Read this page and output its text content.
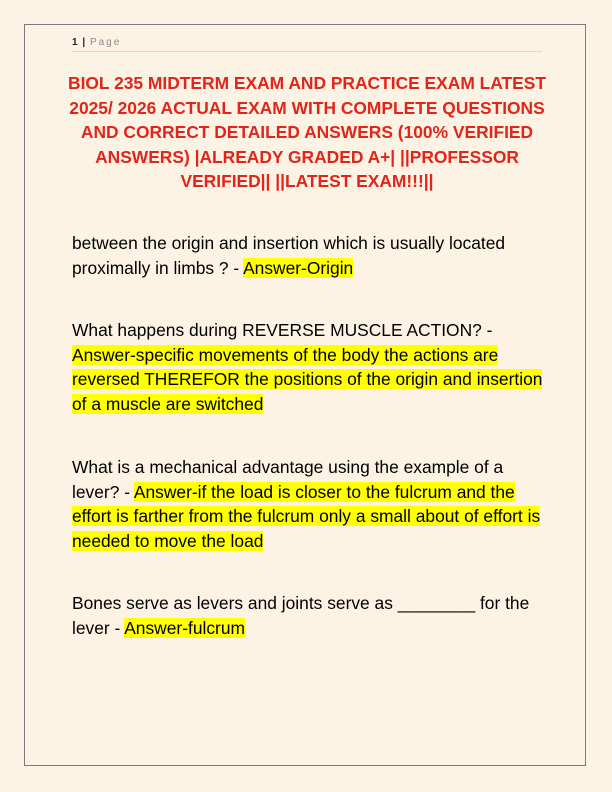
1 | Page
BIOL 235 MIDTERM EXAM AND PRACTICE EXAM LATEST 2025/ 2026 ACTUAL EXAM WITH COMPLETE QUESTIONS AND CORRECT DETAILED ANSWERS (100% VERIFIED ANSWERS) |ALREADY GRADED A+| ||PROFESSOR VERIFIED|| ||LATEST EXAM!!!||
between the origin and insertion which is usually located proximally in limbs ? - Answer-Origin
What happens during REVERSE MUSCLE ACTION? - Answer-specific movements of the body the actions are reversed THEREFOR the positions of the origin and insertion of a muscle are switched
What is a mechanical advantage using the example of a lever? - Answer-if the load is closer to the fulcrum and the effort is farther from the fulcrum only a small about of effort is needed to move the load
Bones serve as levers and joints serve as ________ for the lever - Answer-fulcrum
